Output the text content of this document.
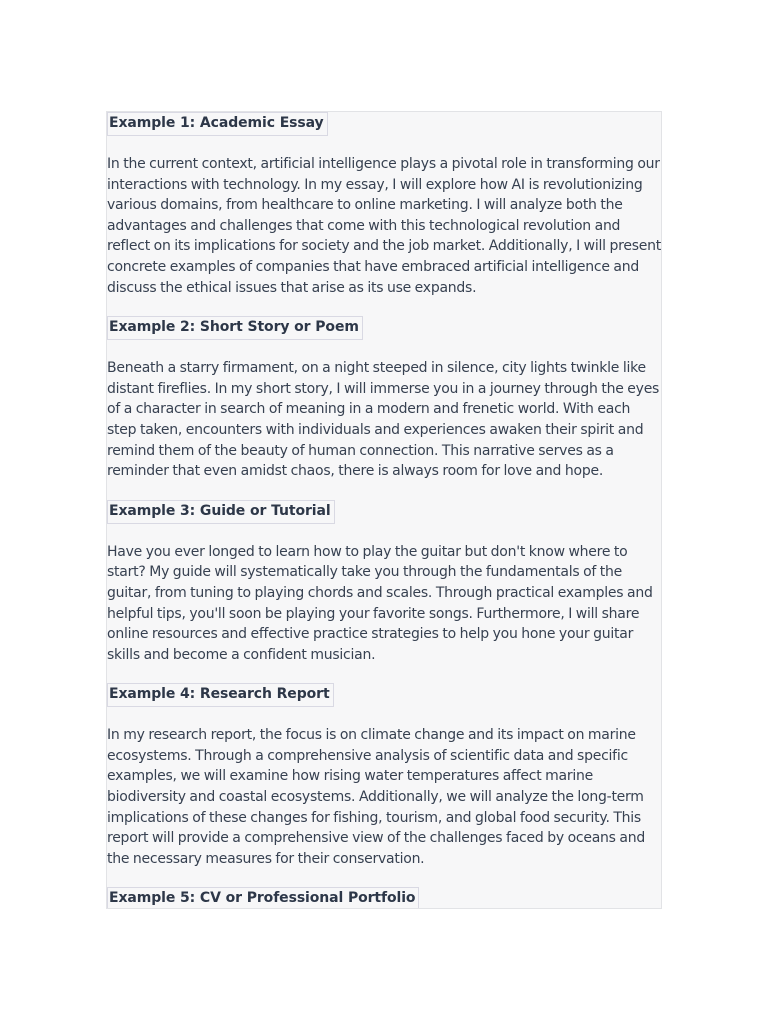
Example 1: Academic Essay

In the current context, artificial intelligence plays a pivotal role in transforming our interactions with technology. In my essay, I will explore how AI is revolutionizing various domains, from healthcare to online marketing. I will analyze both the advantages and challenges that come with this technological revolution and reflect on its implications for society and the job market. Additionally, I will present concrete examples of companies that have embraced artificial intelligence and discuss the ethical issues that arise as its use expands.

Example 2: Short Story or Poem

Beneath a starry firmament, on a night steeped in silence, city lights twinkle like distant fireflies. In my short story, I will immerse you in a journey through the eyes of a character in search of meaning in a modern and frenetic world. With each step taken, encounters with individuals and experiences awaken their spirit and remind them of the beauty of human connection. This narrative serves as a reminder that even amidst chaos, there is always room for love and hope.

Example 3: Guide or Tutorial

Have you ever longed to learn how to play the guitar but don't know where to start? My guide will systematically take you through the fundamentals of the guitar, from tuning to playing chords and scales. Through practical examples and helpful tips, you'll soon be playing your favorite songs. Furthermore, I will share online resources and effective practice strategies to help you hone your guitar skills and become a confident musician.

Example 4: Research Report

In my research report, the focus is on climate change and its impact on marine ecosystems. Through a comprehensive analysis of scientific data and specific examples, we will examine how rising water temperatures affect marine biodiversity and coastal ecosystems. Additionally, we will analyze the long-term implications of these changes for fishing, tourism, and global food security. This report will provide a comprehensive view of the challenges faced by oceans and the necessary measures for their conservation.

Example 5: CV or Professional Portfolio
